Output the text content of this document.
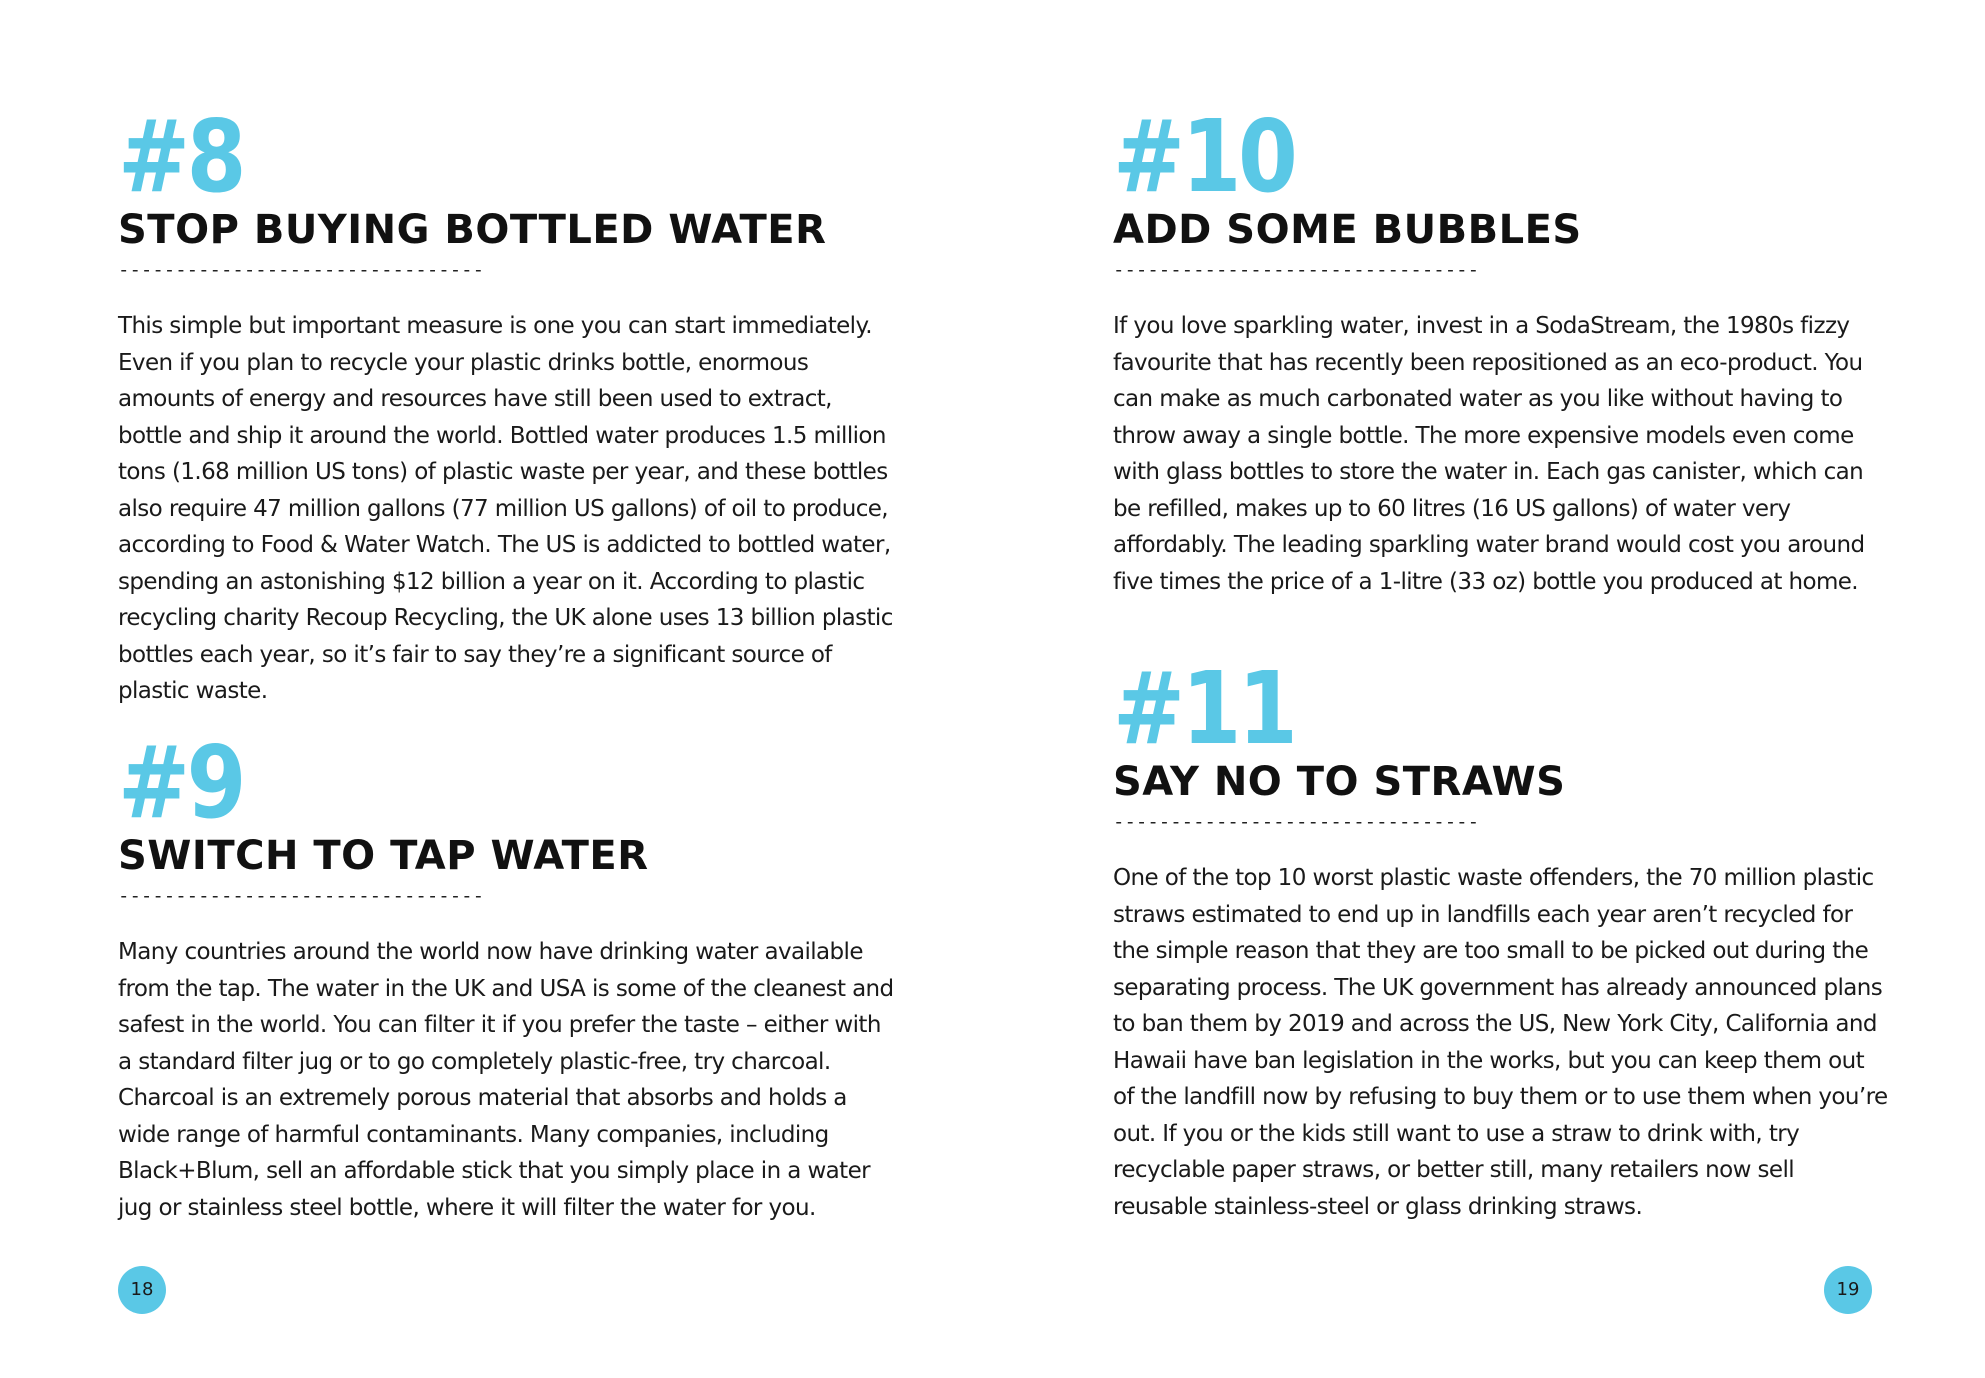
#8
STOP BUYING BOTTLED WATER
--------------------------------
This simple but important measure is one you can start immediately. Even if you plan to recycle your plastic drinks bottle, enormous amounts of energy and resources have still been used to extract, bottle and ship it around the world. Bottled water produces 1.5 million tons (1.68 million US tons) of plastic waste per year, and these bottles also require 47 million gallons (77 million US gallons) of oil to produce, according to Food & Water Watch. The US is addicted to bottled water, spending an astonishing $12 billion a year on it. According to plastic recycling charity Recoup Recycling, the UK alone uses 13 billion plastic bottles each year, so it’s fair to say they’re a significant source of plastic waste.
#9
SWITCH TO TAP WATER
--------------------------------
Many countries around the world now have drinking water available from the tap. The water in the UK and USA is some of the cleanest and safest in the world. You can filter it if you prefer the taste – either with a standard filter jug or to go completely plastic-free, try charcoal. Charcoal is an extremely porous material that absorbs and holds a wide range of harmful contaminants. Many companies, including Black+Blum, sell an affordable stick that you simply place in a water jug or stainless steel bottle, where it will filter the water for you.
18
#10
ADD SOME BUBBLES
--------------------------------
If you love sparkling water, invest in a SodaStream, the 1980s fizzy favourite that has recently been repositioned as an eco-product. You can make as much carbonated water as you like without having to throw away a single bottle. The more expensive models even come with glass bottles to store the water in. Each gas canister, which can be refilled, makes up to 60 litres (16 US gallons) of water very affordably. The leading sparkling water brand would cost you around five times the price of a 1-litre (33 oz) bottle you produced at home.
#11
SAY NO TO STRAWS
--------------------------------
One of the top 10 worst plastic waste offenders, the 70 million plastic straws estimated to end up in landfills each year aren’t recycled for the simple reason that they are too small to be picked out during the separating process. The UK government has already announced plans to ban them by 2019 and across the US, New York City, California and Hawaii have ban legislation in the works, but you can keep them out of the landfill now by refusing to buy them or to use them when you’re out. If you or the kids still want to use a straw to drink with, try recyclable paper straws, or better still, many retailers now sell reusable stainless-steel or glass drinking straws.
19
